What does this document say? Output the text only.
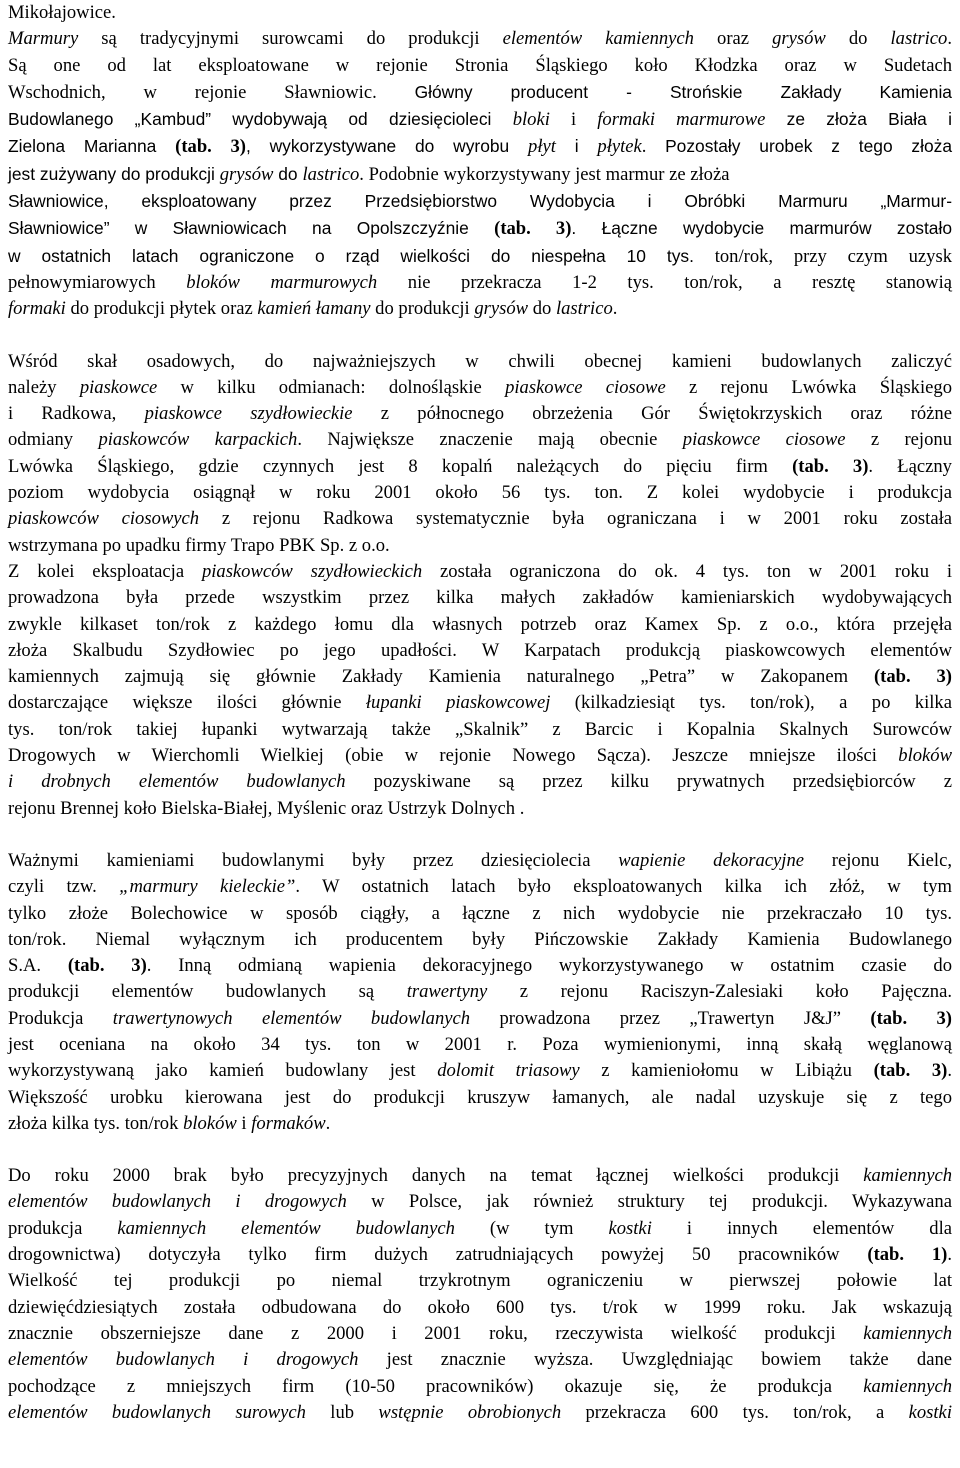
Mikołajowice.
Marmury są tradycyjnymi surowcami do produkcji elementów kamiennych oraz grysów do lastrico.
Są one od lat eksploatowane w rejonie Stronia Śląskiego koło Kłodzka oraz w Sudetach
Wschodnich, w rejonie Sławniowic. Główny producent - Strońskie Zakłady Kamienia
Budowlanego „Kambud” wydobywają od dziesięcioleci bloki i formaki marmurowe ze złoża Biała i
Zielona Marianna (tab. 3), wykorzystywane do wyrobu płyt i płytek. Pozostały urobek z tego złoża
jest zużywany do produkcji grysów do lastrico. Podobnie wykorzystywany jest marmur ze złoża
Sławniowice, eksploatowany przez Przedsiębiorstwo Wydobycia i Obróbki Marmuru „Marmur-
Sławniowice” w Sławniowicach na Opolszczyźnie (tab. 3). Łączne wydobycie marmurów zostało
w ostatnich latach ograniczone o rząd wielkości do niespełna 10 tys. ton/rok, przy czym uzysk
pełnowymiarowych bloków marmurowych nie przekracza 1-2 tys. ton/rok, a resztę stanowią
formaki do produkcji płytek oraz kamień łamany do produkcji grysów do lastrico.
Wśród skał osadowych, do najważniejszych w chwili obecnej kamieni budowlanych zaliczyć
należy piaskowce w kilku odmianach: dolnośląskie piaskowce ciosowe z rejonu Lwówka Śląskiego
i Radkowa, piaskowce szydłowieckie z północnego obrzeżenia Gór Świętokrzyskich oraz różne
odmiany piaskowców karpackich. Największe znaczenie mają obecnie piaskowce ciosowe z rejonu
Lwówka Śląskiego, gdzie czynnych jest 8 kopalń należących do pięciu firm (tab. 3). Łączny
poziom wydobycia osiągnął w roku 2001 około 56 tys. ton. Z kolei wydobycie i produkcja
piaskowców ciosowych z rejonu Radkowa systematycznie była ograniczana i w 2001 roku została
wstrzymana po upadku firmy Trapo PBK Sp. z o.o.
Z kolei eksploatacja piaskowców szydłowieckich została ograniczona do ok. 4 tys. ton w 2001 roku i
prowadzona była przede wszystkim przez kilka małych zakładów kamieniarskich wydobywających
zwykle kilkaset ton/rok z każdego łomu dla własnych potrzeb oraz Kamex Sp. z o.o., która przejęła
złoża Skalbudu Szydłowiec po jego upadłości. W Karpatach produkcją piaskowcowych elementów
kamiennych zajmują się głównie Zakłady Kamienia naturalnego „Petra” w Zakopanem (tab. 3)
dostarczające większe ilości głównie łupanki piaskowcowej (kilkadziesiąt tys. ton/rok), a po kilka
tys. ton/rok takiej łupanki wytwarzają także „Skalnik” z Barcic i Kopalnia Skalnych Surowców
Drogowych w Wierchomli Wielkiej (obie w rejonie Nowego Sącza). Jeszcze mniejsze ilości bloków
i drobnych elementów budowlanych pozyskiwane są przez kilku prywatnych przedsiębiorców z
rejonu Brennej koło Bielska-Białej, Myślenic oraz Ustrzyk Dolnych .
Ważnymi kamieniami budowlanymi były przez dziesięciolecia wapienie dekoracyjne rejonu Kielc,
czyli tzw. „marmury kieleckie”. W ostatnich latach było eksploatowanych kilka ich złóż, w tym
tylko złoże Bolechowice w sposób ciągły, a łączne z nich wydobycie nie przekraczało 10 tys.
ton/rok. Niemal wyłącznym ich producentem były Pińczowskie Zakłady Kamienia Budowlanego
S.A. (tab. 3). Inną odmianą wapienia dekoracyjnego wykorzystywanego w ostatnim czasie do
produkcji elementów budowlanych są trawertyny z rejonu Raciszyn-Zalesiaki koło Pajęczna.
Produkcja trawertynowych elementów budowlanych prowadzona przez „Trawertyn J&J” (tab. 3)
jest oceniana na około 34 tys. ton w 2001 r. Poza wymienionymi, inną skałą węglanową
wykorzystywaną jako kamień budowlany jest dolomit triasowy z kamieniołomu w Libiążu (tab. 3).
Większość urobku kierowana jest do produkcji kruszyw łamanych, ale nadal uzyskuje się z tego
złoża kilka tys. ton/rok bloków i formaków.
Do roku 2000 brak było precyzyjnych danych na temat łącznej wielkości produkcji kamiennych
elementów budowlanych i drogowych w Polsce, jak również struktury tej produkcji. Wykazywana
produkcja kamiennych elementów budowlanych (w tym kostki i innych elementów dla
drogownictwa) dotyczyła tylko firm dużych zatrudniających powyżej 50 pracowników (tab. 1).
Wielkość tej produkcji po niemal trzykrotnym ograniczeniu w pierwszej połowie lat
dziewięćdziesiątych została odbudowana do około 600 tys. t/rok w 1999 roku. Jak wskazują
znacznie obszerniejsze dane z 2000 i 2001 roku, rzeczywista wielkość produkcji kamiennych
elementów budowlanych i drogowych jest znacznie wyższa. Uwzględniając bowiem także dane
pochodzące z mniejszych firm (10-50 pracowników) okazuje się, że produkcja kamiennych
elementów budowlanych surowych lub wstępnie obrobionych przekracza 600 tys. ton/rok, a kostki
